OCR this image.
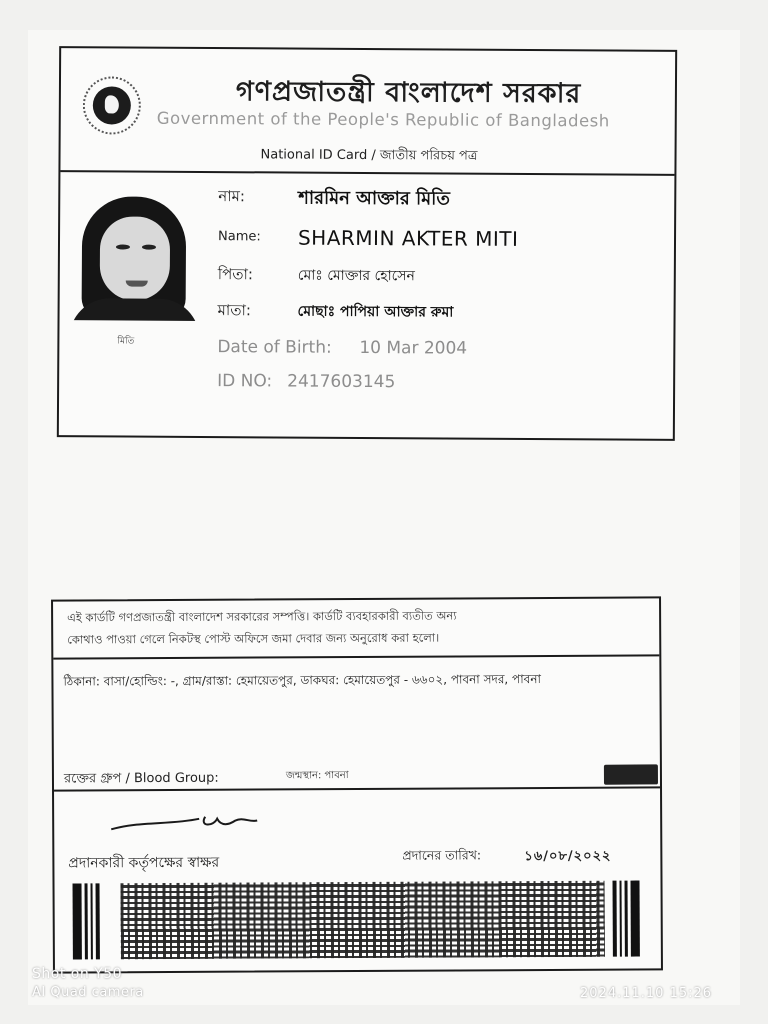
গণপ্রজাতন্ত্রী বাংলাদেশ সরকার
Government of the People's Republic of Bangladesh
National ID Card / জাতীয় পরিচয় পত্র
মিতি
নাম:	শারমিন আক্তার মিতি
Name: SHARMIN AKTER MITI
পিতা:	মোঃ মোক্তার হোসেন
মাতা:	মোছাঃ পাপিয়া আক্তার রুমা
Date of Birth: 10 Mar 2004
ID NO: 2417603145
এই কার্ডটি গণপ্রজাতন্ত্রী বাংলাদেশ সরকারের সম্পত্তি। কার্ডটি ব্যবহারকারী ব্যতীত অন্য
কোথাও পাওয়া গেলে নিকটস্থ পোস্ট অফিসে জমা দেবার জন্য অনুরোধ করা হলো।
ঠিকানা: বাসা/হোল্ডিং: -, গ্রাম/রাস্তা: হেমায়েতপুর, ডাকঘর: হেমায়েতপুর - ৬৬০২, পাবনা সদর, পাবনা
রক্তের গ্রুপ / Blood Group:	জন্মস্থান: পাবনা
প্রদানকারী কর্তৃপক্ষের স্বাক্ষর	প্রদানের তারিখ:	১৬/০৮/২০২২
Shot on Y50
AI Quad camera	2024.11.10 15:26
